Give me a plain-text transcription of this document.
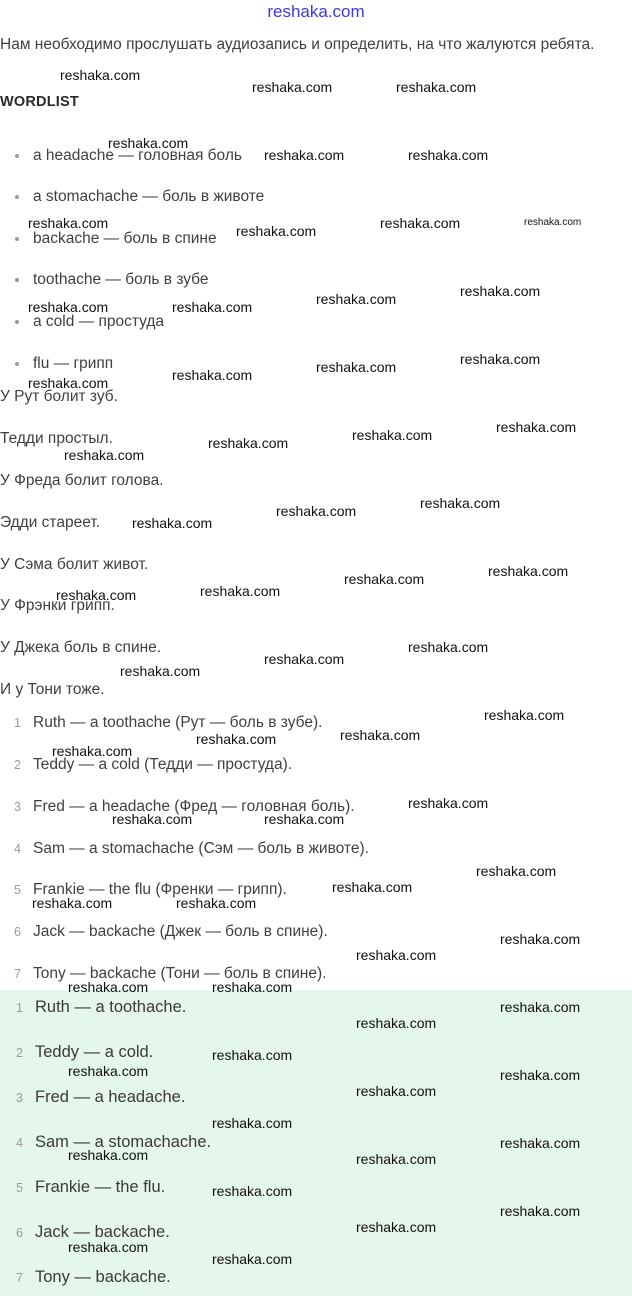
reshaka.com
Нам необходимо прослушать аудиозапись и определить, на что жалуются ребята.
WORDLIST
a headache — головная боль
a stomachache — боль в животе
backache — боль в спине
toothache — боль в зубе
a cold — простуда
flu — грипп
У Рут болит зуб.
Тедди простыл.
У Фреда болит голова.
Эдди стареет.
У Сэма болит живот.
У Фрэнки грипп.
У Джека боль в спине.
И у Тони тоже.
1 Ruth — a toothache (Рут — боль в зубе).
2 Teddy — a cold (Тедди — простуда).
3 Fred — a headache (Фред — головная боль).
4 Sam — a stomachache (Сэм — боль в животе).
5 Frankie — the flu (Френки — грипп).
6 Jack — backache (Джек — боль в спине).
7 Tony — backache (Тони — боль в спине).
1 Ruth — a toothache.
2 Teddy — a cold.
3 Fred — a headache.
4 Sam — a stomachache.
5 Frankie — the flu.
6 Jack — backache.
7 Tony — backache.
reshaka.com
reshaka.com	reshaka.com
reshaka.com
reshaka.com	reshaka.com
reshaka.com	reshaka.com	reshaka.com	reshaka.com
reshaka.com	reshaka.com	reshaka.com	reshaka.com
reshaka.com	reshaka.com	reshaka.com	reshaka.com
reshaka.com
reshaka.com	reshaka.com	reshaka.com
reshaka.com
reshaka.com	reshaka.com
reshaka.com	reshaka.com
reshaka.com	reshaka.com
reshaka.com
reshaka.com
reshaka.com
reshaka.com
reshaka.com
reshaka.com	reshaka.com
reshaka.com
reshaka.com	reshaka.com
reshaka.com
reshaka.com
reshaka.com	reshaka.com
reshaka.com
reshaka.com
reshaka.com	reshaka.com
reshaka.com
reshaka.com
reshaka.com
reshaka.com	reshaka.com
reshaka.com
reshaka.com
reshaka.com
reshaka.com	reshaka.com
reshaka.com
reshaka.com
reshaka.com
reshaka.com
reshaka.com
